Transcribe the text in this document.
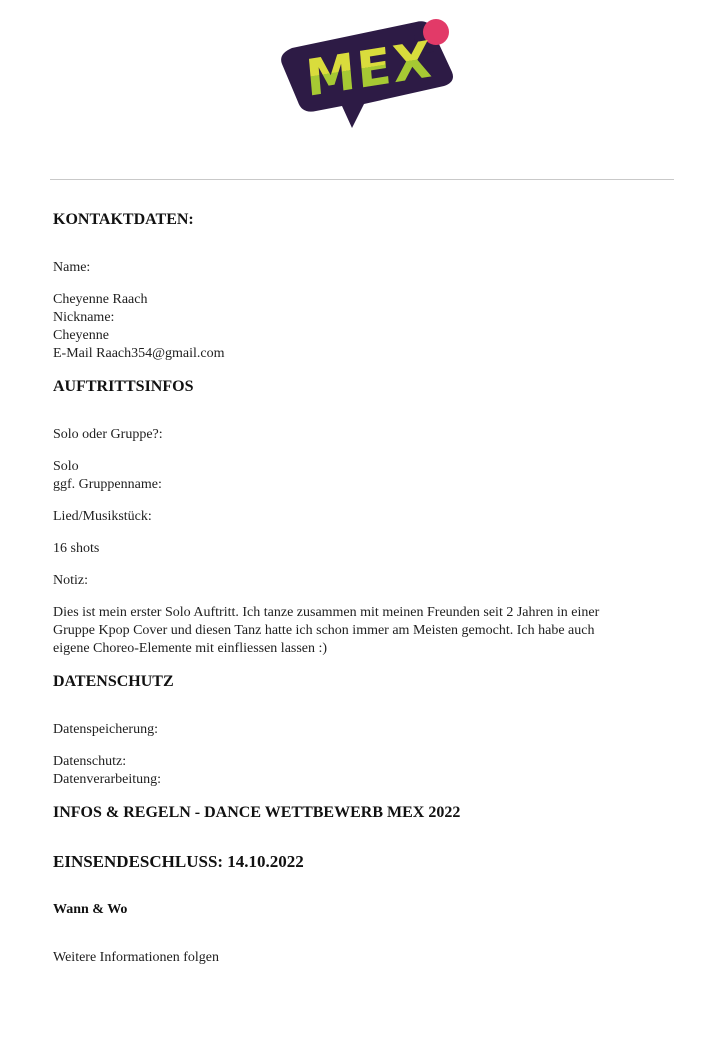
MEX
KONTAKTDATEN:

Name:

Cheyenne Raach
Nickname:
Cheyenne
E-Mail Raach354@gmail.com

AUFTRITTSINFOS

Solo oder Gruppe?:

Solo
ggf. Gruppenname:

Lied/Musikstück:

16 shots

Notiz:

Dies ist mein erster Solo Auftritt. Ich tanze zusammen mit meinen Freunden seit 2 Jahren in einer
Gruppe Kpop Cover und diesen Tanz hatte ich schon immer am Meisten gemocht. Ich habe auch
eigene Choreo-Elemente mit einfliessen lassen :)

DATENSCHUTZ

Datenspeicherung:

Datenschutz:
Datenverarbeitung:

INFOS & REGELN - DANCE WETTBEWERB MEX 2022
EINSENDESCHLUSS: 14.10.2022
Wann & Wo

Weitere Informationen folgen
